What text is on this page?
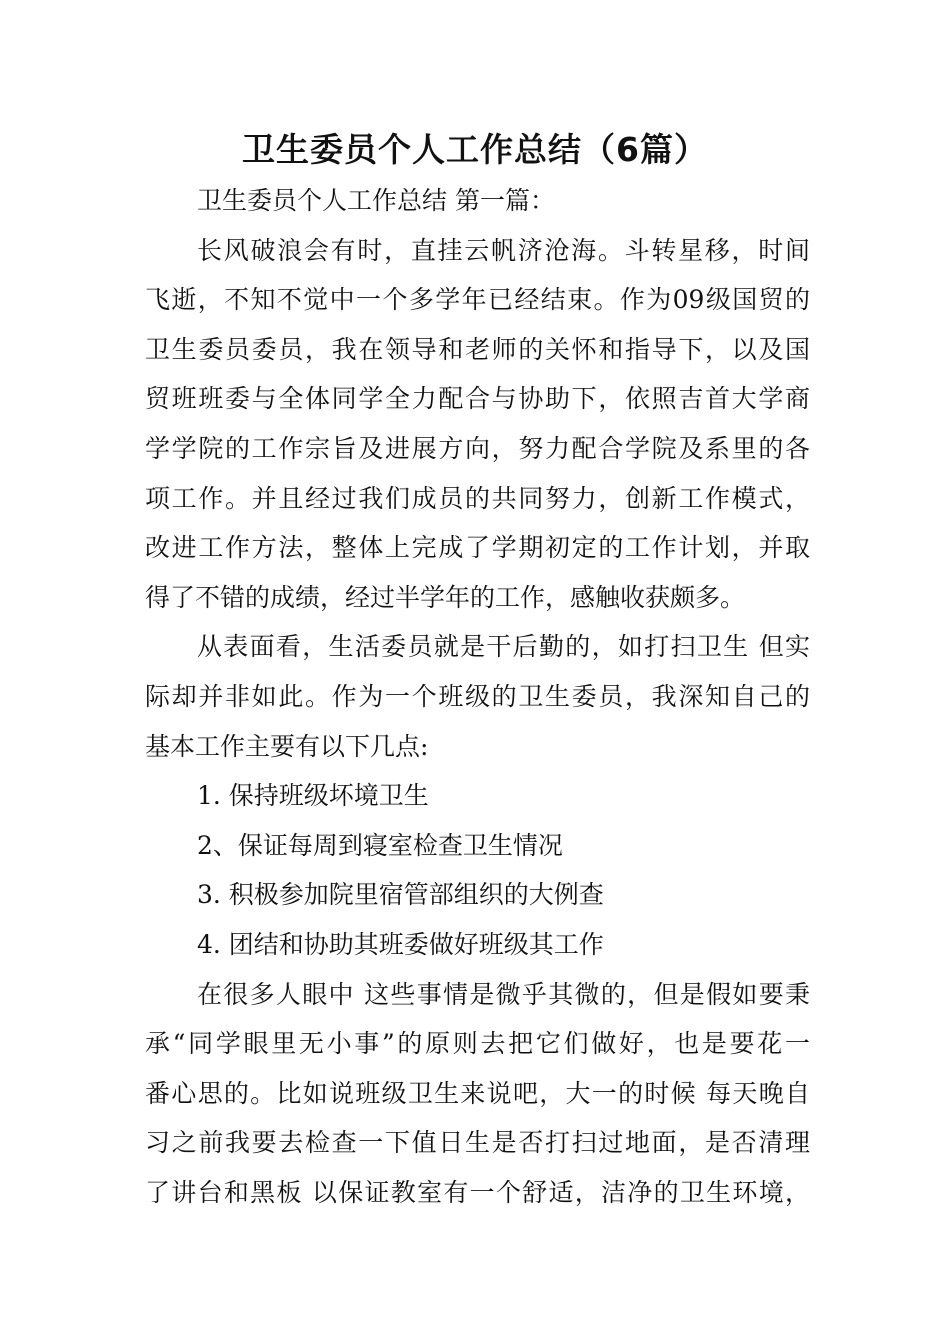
卫生委员个人工作总结（6篇）

卫生委员个人工作总结 第一篇：

长风破浪会有时，直挂云帆济沧海。斗转星移，时间

飞逝，不知不觉中一个多学年已经结束。作为09级国贸的

卫生委员委员，我在领导和老师的关怀和指导下，以及国

贸班班委与全体同学全力配合与协助下，依照吉首大学商

学学院的工作宗旨及进展方向，努力配合学院及系里的各

项工作。并且经过我们成员的共同努力，创新工作模式，

改进工作方法，整体上完成了学期初定的工作计划，并取

得了不错的成绩，经过半学年的工作，感触收获颇多。

从表面看，生活委员就是干后勤的，如打扫卫生 但实

际却并非如此。作为一个班级的卫生委员，我深知自己的

基本工作主要有以下几点:

1. 保持班级坏境卫生

2、保证每周到寝室检查卫生情况

3. 积极参加院里宿管部组织的大例查

4. 团结和协助其班委做好班级其工作

在很多人眼中 这些事情是微乎其微的，但是假如要秉

承“同学眼里无小事”的原则去把它们做好，也是要花一

番心思的。比如说班级卫生来说吧，大一的时候 每天晚自

习之前我要去检查一下值日生是否打扫过地面，是否清理

了讲台和黑板 以保证教室有一个舒适，洁净的卫生环境，
